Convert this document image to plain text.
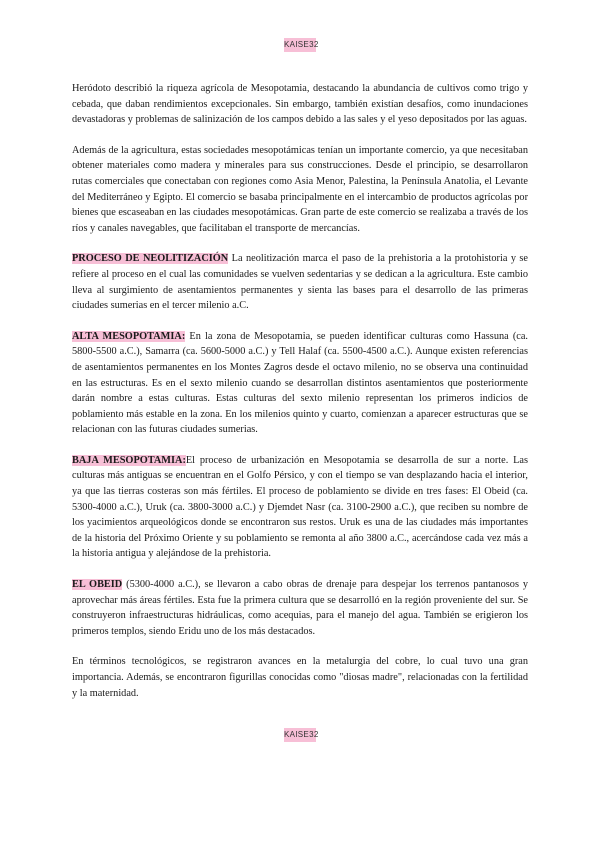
KAISE32

Heródoto describió la riqueza agrícola de Mesopotamia, destacando la abundancia de cultivos como trigo y cebada, que daban rendimientos excepcionales. Sin embargo, también existían desafíos, como inundaciones devastadoras y problemas de salinización de los campos debido a las sales y el yeso depositados por las aguas.

Además de la agricultura, estas sociedades mesopotámicas tenían un importante comercio, ya que necesitaban obtener materiales como madera y minerales para sus construcciones. Desde el principio, se desarrollaron rutas comerciales que conectaban con regiones como Asia Menor, Palestina, la Península Anatolia, el Levante del Mediterráneo y Egipto. El comercio se basaba principalmente en el intercambio de productos agrícolas por bienes que escaseaban en las ciudades mesopotámicas. Gran parte de este comercio se realizaba a través de los ríos y canales navegables, que facilitaban el transporte de mercancías.

PROCESO DE NEOLITIZACIÓN La neolitización marca el paso de la prehistoria a la protohistoria y se refiere al proceso en el cual las comunidades se vuelven sedentarias y se dedican a la agricultura. Este cambio lleva al surgimiento de asentamientos permanentes y sienta las bases para el desarrollo de las primeras ciudades sumerias en el tercer milenio a.C.

ALTA MESOPOTAMIA: En la zona de Mesopotamia, se pueden identificar culturas como Hassuna (ca. 5800-5500 a.C.), Samarra (ca. 5600-5000 a.C.) y Tell Halaf (ca. 5500-4500 a.C.). Aunque existen referencias de asentamientos permanentes en los Montes Zagros desde el octavo milenio, no se observa una continuidad en las estructuras. Es en el sexto milenio cuando se desarrollan distintos asentamientos que posteriormente darán nombre a estas culturas. Estas culturas del sexto milenio representan los primeros indicios de poblamiento más estable en la zona. En los milenios quinto y cuarto, comienzan a aparecer estructuras que se relacionan con las futuras ciudades sumerias.

BAJA MESOPOTAMIA:El proceso de urbanización en Mesopotamia se desarrolla de sur a norte. Las culturas más antiguas se encuentran en el Golfo Pérsico, y con el tiempo se van desplazando hacia el interior, ya que las tierras costeras son más fértiles. El proceso de poblamiento se divide en tres fases: El Obeid (ca. 5300-4000 a.C.), Uruk (ca. 3800-3000 a.C.) y Djemdet Nasr (ca. 3100-2900 a.C.), que reciben su nombre de los yacimientos arqueológicos donde se encontraron sus restos. Uruk es una de las ciudades más importantes de la historia del Próximo Oriente y su poblamiento se remonta al año 3800 a.C., acercándose cada vez más a la historia antigua y alejándose de la prehistoria.

EL OBEID (5300-4000 a.C.), se llevaron a cabo obras de drenaje para despejar los terrenos pantanosos y aprovechar más áreas fértiles. Esta fue la primera cultura que se desarrolló en la región proveniente del sur. Se construyeron infraestructuras hidráulicas, como acequias, para el manejo del agua. También se erigieron los primeros templos, siendo Eridu uno de los más destacados.

En términos tecnológicos, se registraron avances en la metalurgia del cobre, lo cual tuvo una gran importancia. Además, se encontraron figurillas conocidas como "diosas madre", relacionadas con la fertilidad y la maternidad.

KAISE32
